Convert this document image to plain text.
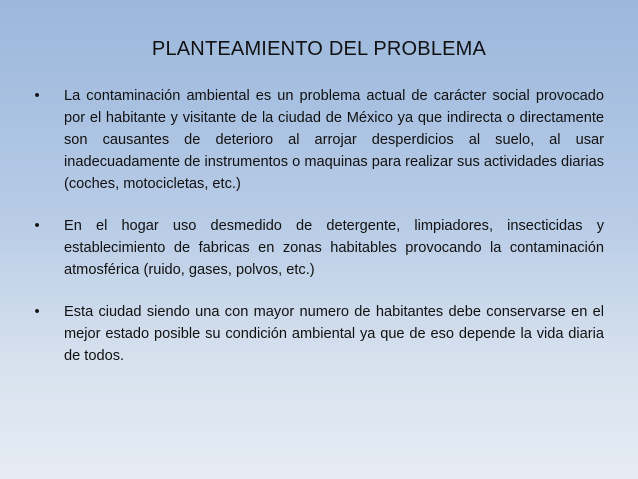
PLANTEAMIENTO DEL PROBLEMA
•	La contaminación ambiental es un problema actual de carácter social provocado por el habitante y visitante de la ciudad de México ya que indirecta o directamente son causantes de deterioro al arrojar desperdicios al suelo, al usar inadecuadamente de instrumentos o maquinas para realizar sus actividades diarias (coches, motocicletas, etc.)
•	En el hogar uso desmedido de detergente, limpiadores, insecticidas y establecimiento de fabricas en zonas habitables provocando la contaminación atmosférica (ruido, gases, polvos, etc.)
•	Esta ciudad siendo una con mayor numero de habitantes debe conservarse en el mejor estado posible su condición ambiental ya que de eso depende la vida diaria de todos.
